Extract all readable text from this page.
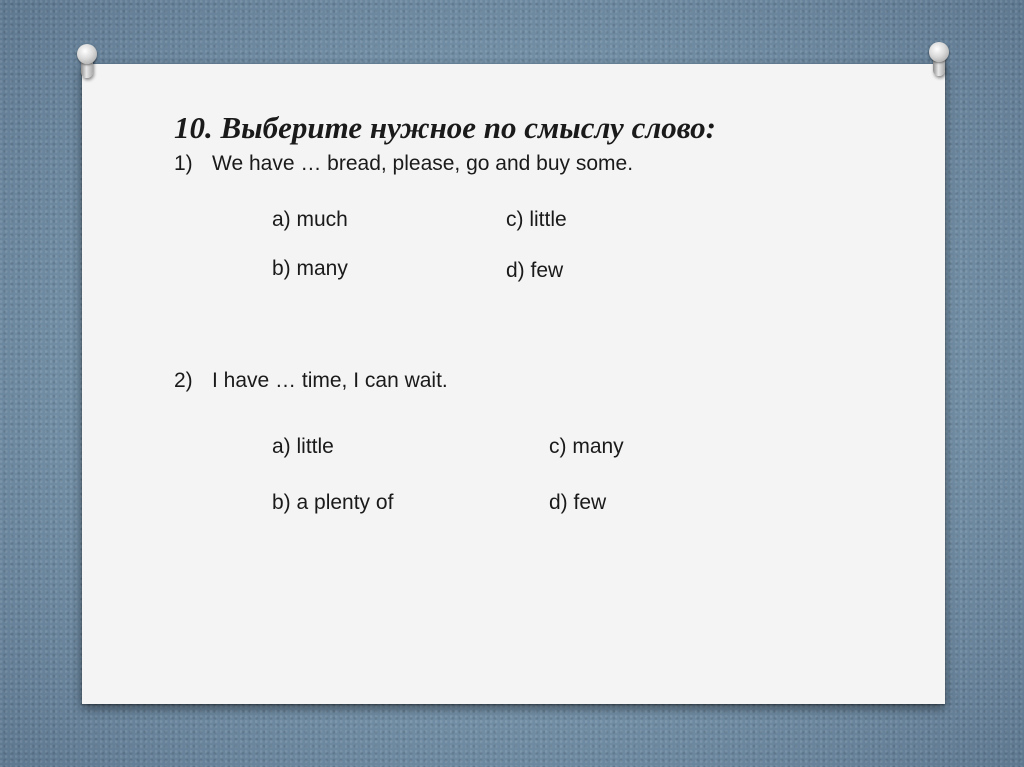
10. Выберите нужное по смыслу слово:
1) We have … bread, please, go and buy some.
a) much	c) little
b) many	d) few
2) I have … time, I can wait.
a) little	c) many
b) a plenty of	d) few
